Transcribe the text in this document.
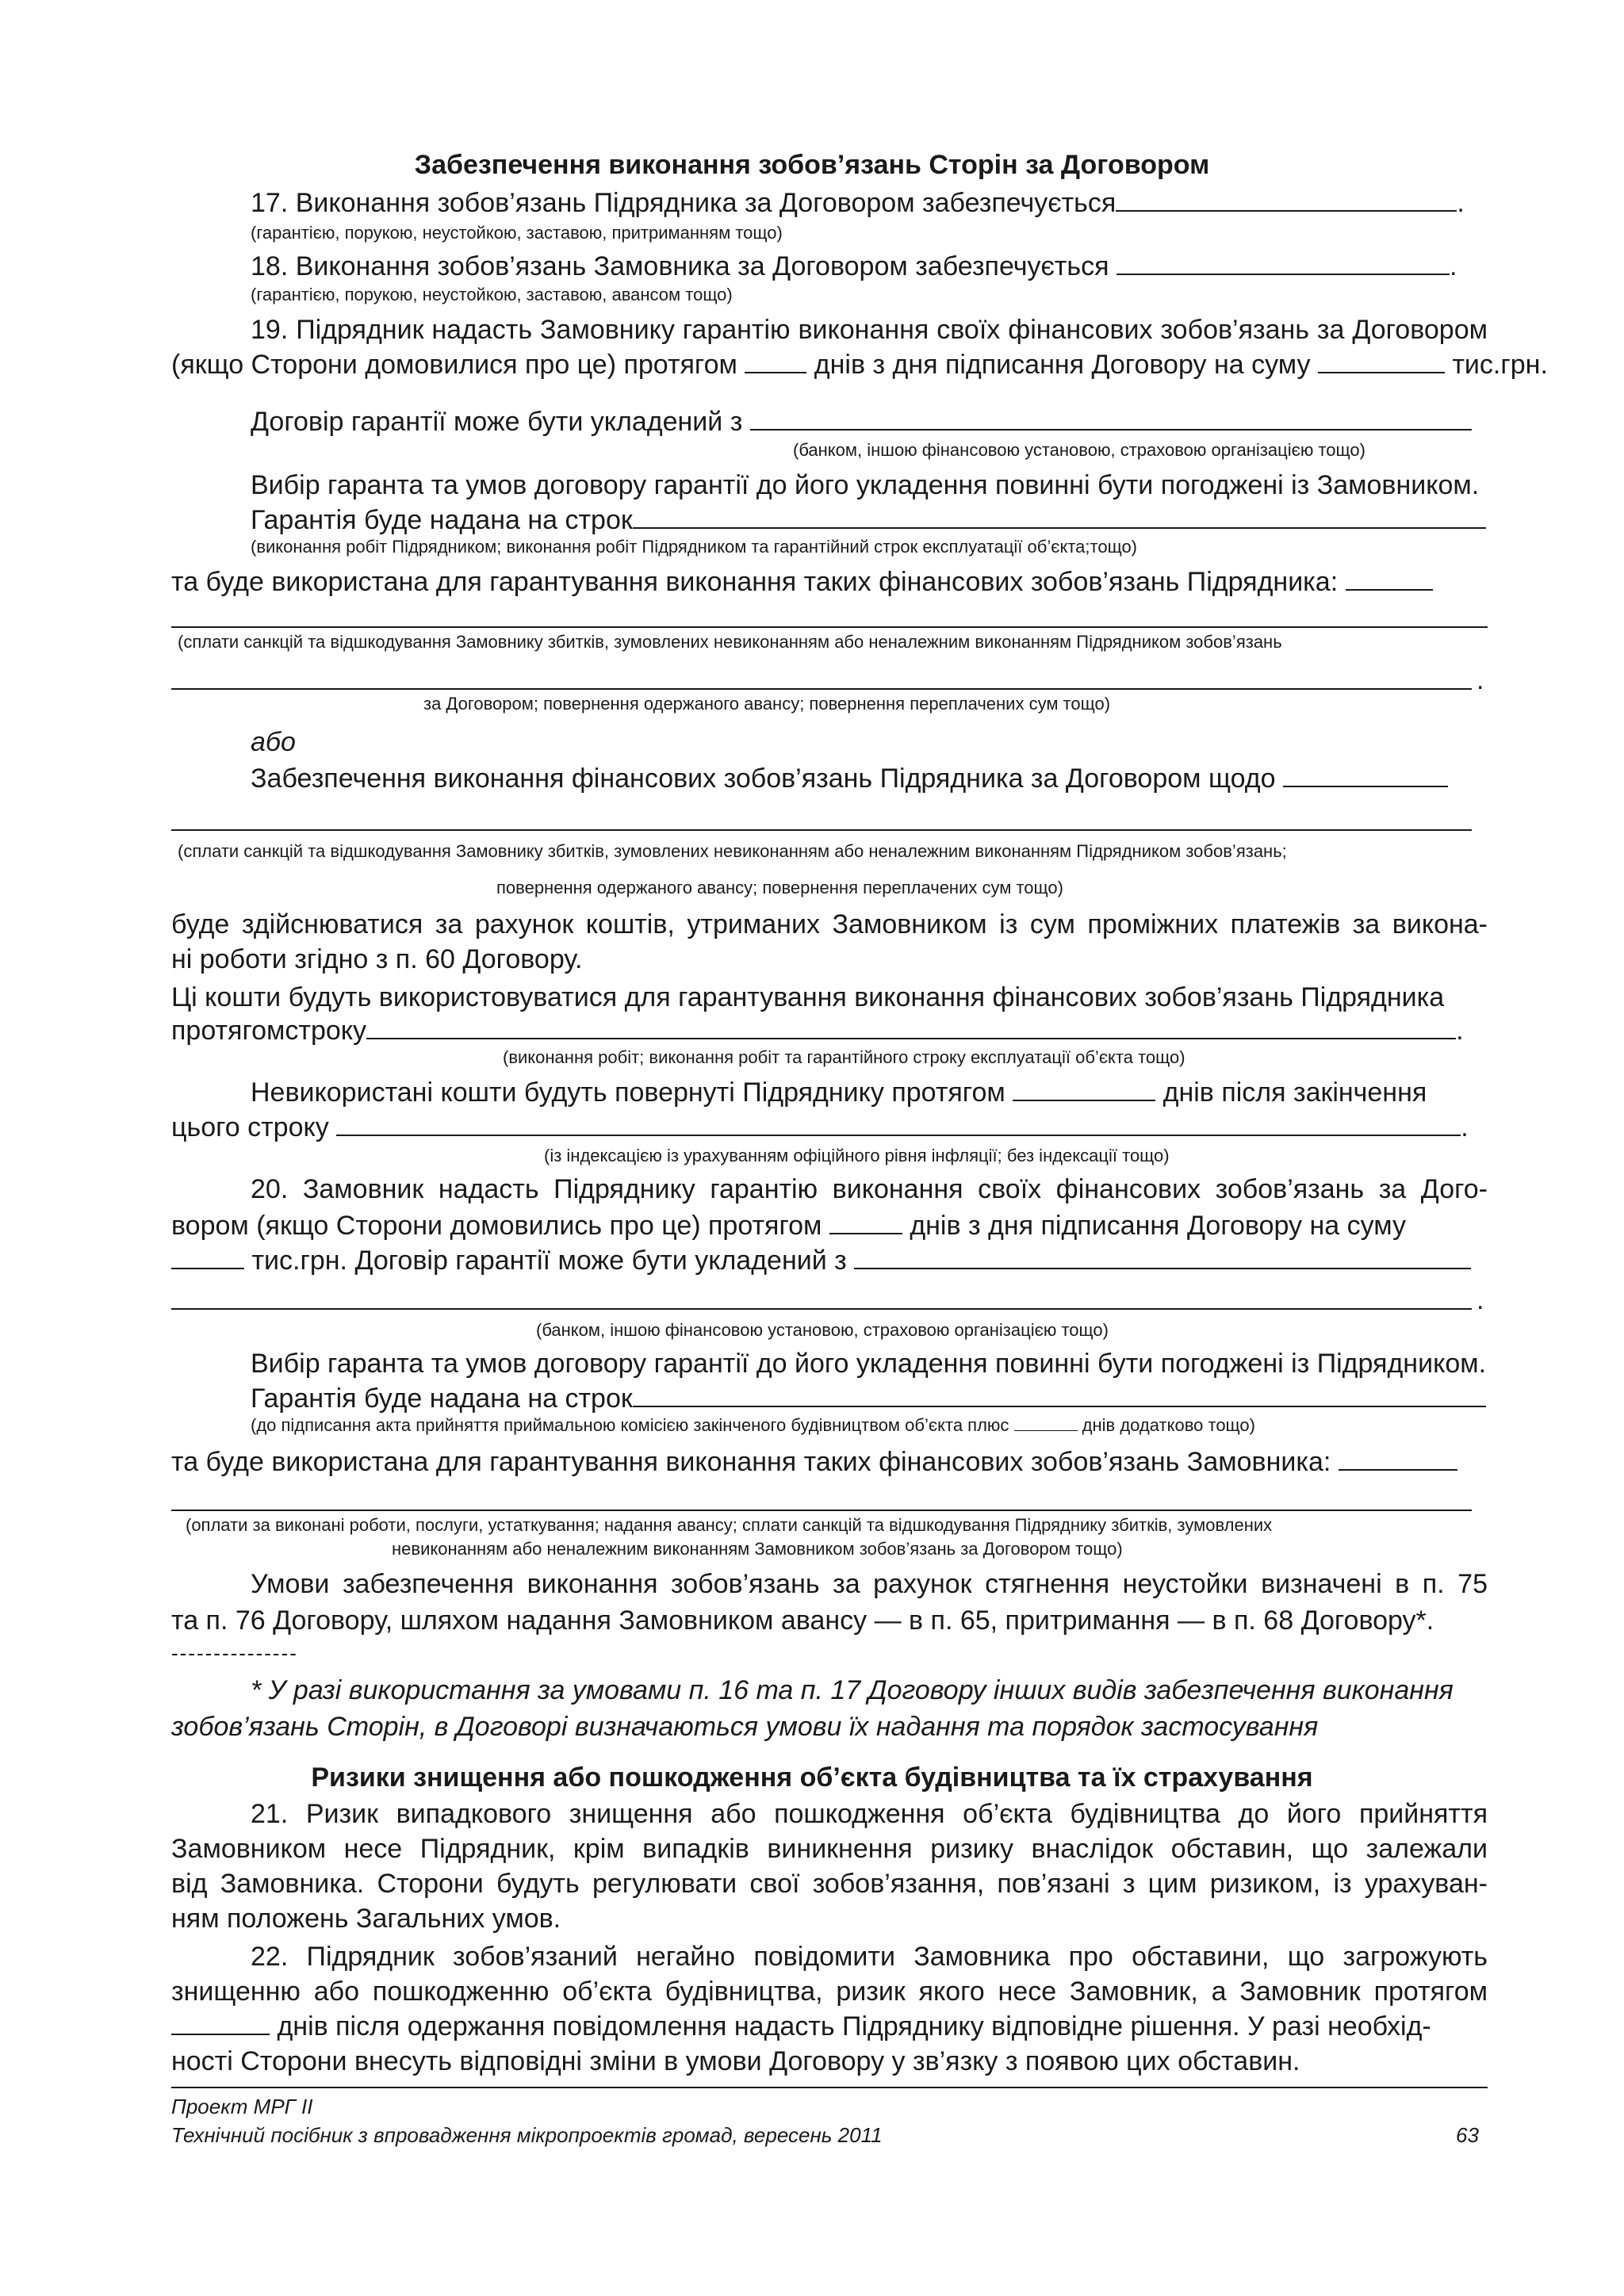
Забезпечення виконання зобов’язань Сторін за Договором
17. Виконання зобов’язань Підрядника за Договором забезпечується	.
(гарантією, порукою, неустойкою, заставою, притриманням тощо)
18. Виконання зобов’язань Замовника за Договором забезпечується	.
(гарантією, порукою, неустойкою, заставою, авансом тощо)
19. Підрядник надасть Замовнику гарантію виконання своїх фінансових зобов’язань за Договором
(якщо Сторони домовилися про це) протягом	днів з дня підписання Договору на суму	тис.грн.
Договір гарантії може бути укладений з
(банком, іншою фінансовою установою, страховою організацією тощо)
Вибір гаранта та умов договору гарантії до його укладення повинні бути погоджені із Замовником.
Гарантія буде надана на строк
(виконання робіт Підрядником; виконання робіт Підрядником та гарантійний строк експлуатації об’єкта;тощо)
та буде використана для гарантування виконання таких фінансових зобов’язань Підрядника:
(сплати санкцій та відшкодування Замовнику збитків, зумовлених невиконанням або неналежним виконанням Підрядником зобов’язань
.
за Договором; повернення одержаного авансу; повернення переплачених сум тощо)
або
Забезпечення виконання фінансових зобов’язань Підрядника за Договором щодо
(сплати санкцій та відшкодування Замовнику збитків, зумовлених невиконанням або неналежним виконанням Підрядником зобов’язань;
повернення одержаного авансу; повернення переплачених сум тощо)
буде здійснюватися за рахунок коштів, утриманих Замовником із сум проміжних платежів за викона-
ні роботи згідно з п. 60 Договору.
Ці кошти будуть використовуватися для гарантування виконання фінансових зобов’язань Підрядника
протягомстроку	.
(виконання робіт; виконання робіт та гарантійного строку експлуатації об’єкта тощо)
Невикористані кошти будуть повернуті Підряднику протягом	днів після закінчення
цього строку	.
(із індексацією із урахуванням офіційного рівня інфляції; без індексації тощо)
20. Замовник надасть Підряднику гарантію виконання своїх фінансових зобов’язань за Дого-
вором (якщо Сторони домовились про це) протягом	днів з дня підписання Договору на суму
тис.грн. Договір гарантії може бути укладений з
.
(банком, іншою фінансовою установою, страховою організацією тощо)
Вибір гаранта та умов договору гарантії до його укладення повинні бути погоджені із Підрядником.
Гарантія буде надана на строк
(до підписання акта прийняття приймальною комісією закінченого будівництвом об’єкта плюс	днів додатково тощо)
та буде використана для гарантування виконання таких фінансових зобов’язань Замовника:
(оплати за виконані роботи, послуги, устаткування; надання авансу; сплати санкцій та відшкодування Підряднику збитків, зумовлених
невиконанням або неналежним виконанням Замовником зобов’язань за Договором тощо)
Умови забезпечення виконання зобов’язань за рахунок стягнення неустойки визначені в п. 75
та п. 76 Договору, шляхом надання Замовником авансу — в п. 65, притримання — в п. 68 Договору*.
---------------
* У разі використання за умовами п. 16 та п. 17 Договору інших видів забезпечення виконання
зобов’язань Сторін, в Договорі визначаються умови їх надання та порядок застосування
Ризики знищення або пошкодження об’єкта будівництва та їх страхування
21. Ризик випадкового знищення або пошкодження об’єкта будівництва до його прийняття
Замовником несе Підрядник, крім випадків виникнення ризику внаслідок обставин, що залежали
від Замовника. Сторони будуть регулювати свої зобов’язання, пов’язані з цим ризиком, із урахуван-
ням положень Загальних умов.
22. Підрядник зобов’язаний негайно повідомити Замовника про обставини, що загрожують
знищенню або пошкодженню об’єкта будівництва, ризик якого несе Замовник, а Замовник протягом
днів після одержання повідомлення надасть Підряднику відповідне рішення. У разі необхід-
ності Сторони внесуть відповідні зміни в умови Договору у зв’язку з появою цих обставин.
Проект МРГ ІІ
Технічний посібник з впровадження мікропроектів громад, вересень 2011	63
